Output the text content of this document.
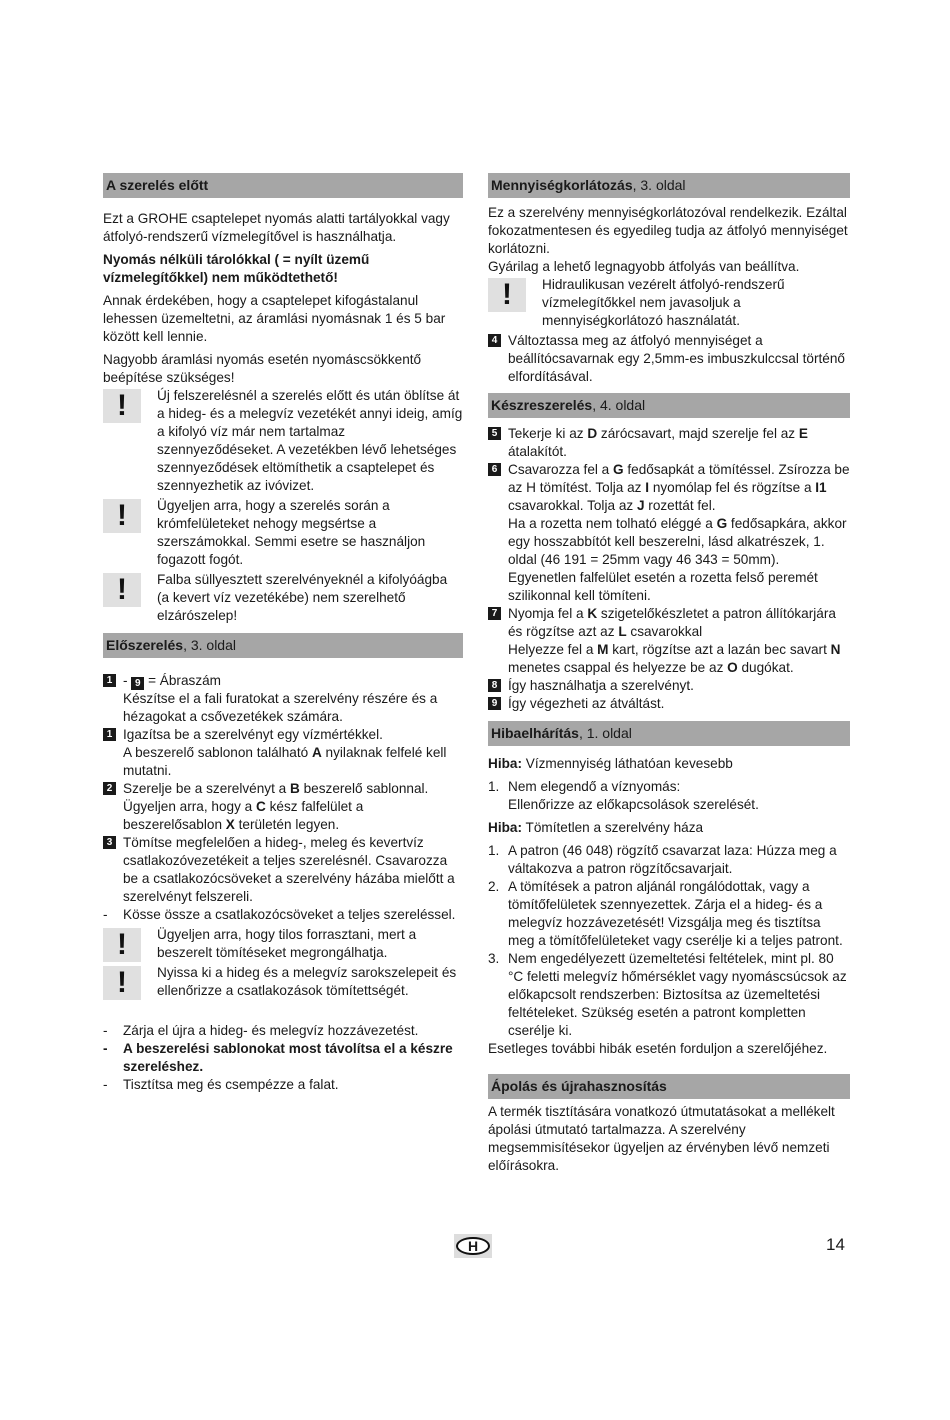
A szerelés előtt

Ezt a GROHE csaptelepet nyomás alatti tartályokkal vagy átfolyó-rendszerű vízmelegítővel is használhatja.

Nyomás nélküli tárolókkal ( = nyílt üzemű vízmelegítőkkel) nem működtethető!

Annak érdekében, hogy a csaptelepet kifogástalanul lehessen üzemeltetni, az áramlási nyomásnak 1 és 5 bar között kell lennie.

Nagyobb áramlási nyomás esetén nyomáscsökkentő beépítése szükséges!

!	Új felszerelésnél a szerelés előtt és után öblítse át a hideg- és a melegvíz vezetékét annyi ideig, amíg a kifolyó víz már nem tartalmaz szennyeződéseket. A vezetékben lévő lehetséges szennyeződések eltömíthetik a csaptelepet és szennyezhetik az ivóvizet.
!	Ügyeljen arra, hogy a szerelés során a krómfelületeket nehogy megsértse a szerszámokkal. Semmi esetre se használjon fogazott fogót.
!	Falba süllyesztett szerelvényeknél a kifolyóágba (a kevert víz vezetékébe) nem szerelhető elzárószelep!
Előszerelés, 3. oldal
1 - 9 = Ábraszám
Készítse el a fali furatokat a szerelvény részére és a hézagokat a csővezetékek számára.
1 Igazítsa be a szerelvényt egy vízmértékkel.
A beszerelő sablonon található A nyilaknak felfelé kell mutatni.
2 Szerelje be a szerelvényt a B beszerelő sablonnal.
Ügyeljen arra, hogy a C kész falfelület a beszerelősablon X területén legyen.
3 Tömítse megfelelően a hideg-, meleg és kevertvíz csatlakozóvezetékeit a teljes szerelésnél. Csavarozza be a csatlakozócsöveket a szerelvény házába mielőtt a szerelvényt felszereli.
- Kösse össze a csatlakozócsöveket a teljes szereléssel.
!	Ügyeljen arra, hogy tilos forrasztani, mert a beszerelt tömítéseket megrongálhatja.
!	Nyissa ki a hideg és a melegvíz sarokszelepeit és ellenőrizze a csatlakozások tömítettségét.
- Zárja el újra a hideg- és melegvíz hozzávezetést.
- A beszerelési sablonokat most távolítsa el a készre szereléshez.
- Tisztítsa meg és csempézze a falat.
Mennyiségkorlátozás, 3. oldal
Ez a szerelvény mennyiségkorlátozóval rendelkezik. Ezáltal fokozatmentesen és egyedileg tudja az átfolyó mennyiséget korlátozni.
Gyárilag a lehető legnagyobb átfolyás van beállítva.
!	Hidraulikusan vezérelt átfolyó-rendszerű vízmelegítőkkel nem javasoljuk a mennyiségkorlátozó használatát.
4 Változtassa meg az átfolyó mennyiséget a beállítócsavarnak egy 2,5mm-es imbuszkulccsal történő elfordításával.
Készreszerelés, 4. oldal
5 Tekerje ki az D zárócsavart, majd szerelje fel az E átalakítót.
6 Csavarozza fel a G fedősapkát a tömítéssel. Zsírozza be az H tömítést. Tolja az I nyomólap fel és rögzítse a I1 csavarokkal. Tolja az J rozettát fel.
Ha a rozetta nem tolható eléggé a G fedősapkára, akkor egy hosszabbítót kell beszerelni, lásd alkatrészek, 1. oldal (46 191 = 25mm vagy 46 343 = 50mm). Egyenetlen falfelület esetén a rozetta felső peremét szilikonnal kell tömíteni.
7 Nyomja fel a K szigetelőkészletet a patron állítókarjára és rögzítse azt az L csavarokkal
Helyezze fel a M kart, rögzítse azt a lazán bec savart N menetes csappal és helyezze be az O dugókat.
8 Így használhatja a szerelvényt.
9 Így végezheti az átváltást.
Hibaelhárítás, 1. oldal

Hiba: Vízmennyiség láthatóan kevesebb

1. Nem elegendő a víznyomás:
Ellenőrizze az előkapcsolások szerelését.

Hiba: Tömítetlen a szerelvény háza

1. A patron (46 048) rögzítő csavarzat laza: Húzza meg a váltakozva a patron rögzítőcsavarjait.
2. A tömítések a patron aljánál rongálódottak, vagy a tömítőfelületek szennyezettek. Zárja el a hideg- és a melegvíz hozzávezetését! Vizsgálja meg és tisztítsa meg a tömítőfelületeket vagy cserélje ki a teljes patront.
3. Nem engedélyezett üzemeltetési feltételek, mint pl. 80 °C feletti melegvíz hőmérséklet vagy nyomáscsúcsok az előkapcsolt rendszerben: Biztosítsa az üzemeltetési feltételeket. Szükség esetén a patront kompletten cserélje ki.
Esetleges további hibák esetén forduljon a szerelőjéhez.
Ápolás és újrahasznosítás
A termék tisztítására vonatkozó útmutatásokat a mellékelt ápolási útmutató tartalmazza. A szerelvény megsemmisítésekor ügyeljen az érvényben lévő nemzeti előírásokra.
H	14
